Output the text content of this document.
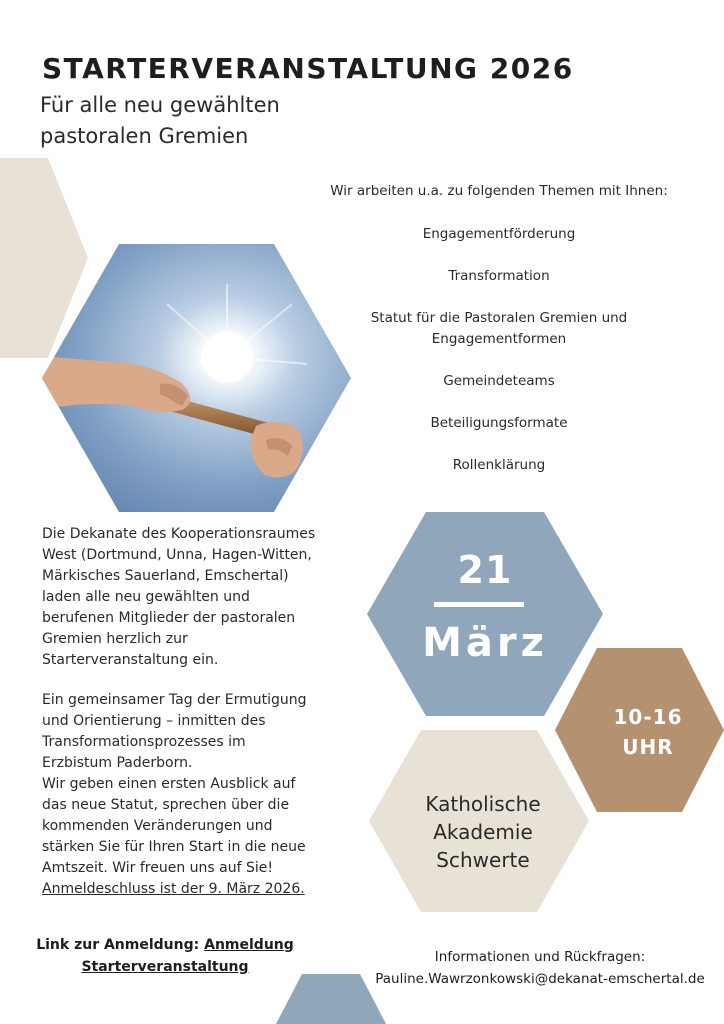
STARTERVERANSTALTUNG 2026
Für alle neu gewählten
pastoralen Gremien
Wir arbeiten u.a. zu folgenden Themen mit Ihnen:
Engagementförderung
Transformation
Statut für die Pastoralen Gremien und
Engagementformen
Gemeindeteams
Beteiligungsformate
Rollenklärung
Die Dekanate des Kooperationsraumes
West (Dortmund, Unna, Hagen-Witten,
Märkisches Sauerland, Emschertal)
laden alle neu gewählten und
berufenen Mitglieder der pastoralen
Gremien herzlich zur
Starterveranstaltung ein.
Ein gemeinsamer Tag der Ermutigung
und Orientierung – inmitten des
Transformationsprozesses im
Erzbistum Paderborn.
Wir geben einen ersten Ausblick auf
das neue Statut, sprechen über die
kommenden Veränderungen und
stärken Sie für Ihren Start in die neue
Amtszeit. Wir freuen uns auf Sie!
Anmeldeschluss ist der 9. März 2026.
21
März
10-16
UHR
Katholische
Akademie
Schwerte
Link zur Anmeldung: Anmeldung
Starterveranstaltung
Informationen und Rückfragen:
Pauline.Wawrzonkowski@dekanat-emschertal.de
